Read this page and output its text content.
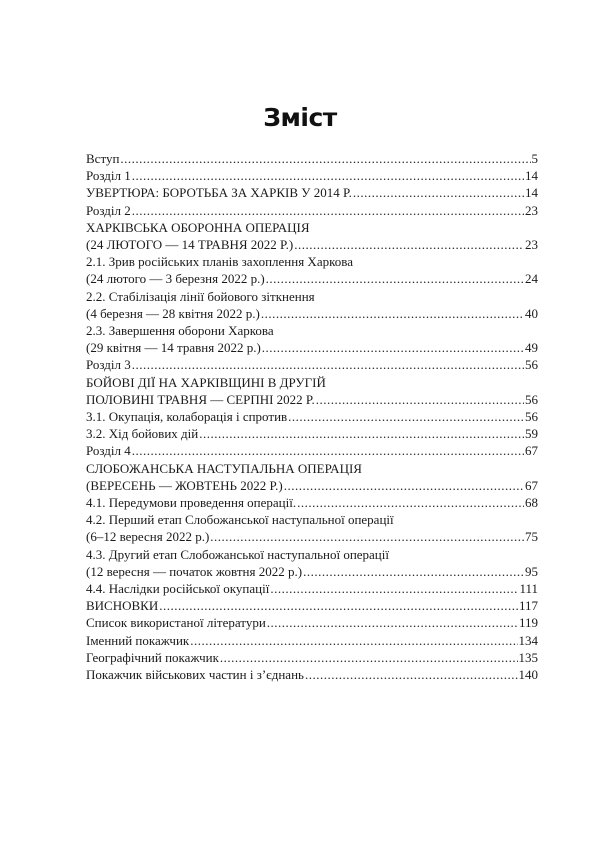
Зміст
Вступ .....	5
Розділ 1 .....	14
УВЕРТЮРА: БОРОТЬБА ЗА ХАРКІВ У 2014 Р. .....	14
Розділ 2 .....	23
ХАРКІВСЬКА ОБОРОННА ОПЕРАЦІЯ
(24 ЛЮТОГО — 14 ТРАВНЯ 2022 Р.) .....	23
2.1. Зрив російських планів захоплення Харкова
(24 лютого — 3 березня 2022 р.) .....	24
2.2. Стабілізація лінії бойового зіткнення
(4 березня — 28 квітня 2022 р.) .....	40
2.3. Завершення оборони Харкова
(29 квітня — 14 травня 2022 р.) .....	49
Розділ 3 .....	56
БОЙОВІ ДІЇ НА ХАРКІВЩИНІ В ДРУГІЙ
ПОЛОВИНІ ТРАВНЯ — СЕРПНІ 2022 Р. .....	56
3.1. Окупація, колаборація і спротив .....	56
3.2. Хід бойових дій .....	59
Розділ 4 .....	67
СЛОБОЖАНСЬКА НАСТУПАЛЬНА ОПЕРАЦІЯ
(ВЕРЕСЕНЬ — ЖОВТЕНЬ 2022 Р.) .....	67
4.1. Передумови проведення операції. .....	68
4.2. Перший етап Слобожанської наступальної операції
(6–12 вересня 2022 р.) .....	75
4.3. Другий етап Слобожанської наступальної операції
(12 вересня — початок жовтня 2022 р.) .....	95
4.4. Наслідки російської окупації .....	111
ВИСНОВКИ .....	117
Список використаної літератури .....	119
Іменний покажчик .....	134
Географічний покажчик .....	135
Покажчик військових частин і з’єднань .....	140
